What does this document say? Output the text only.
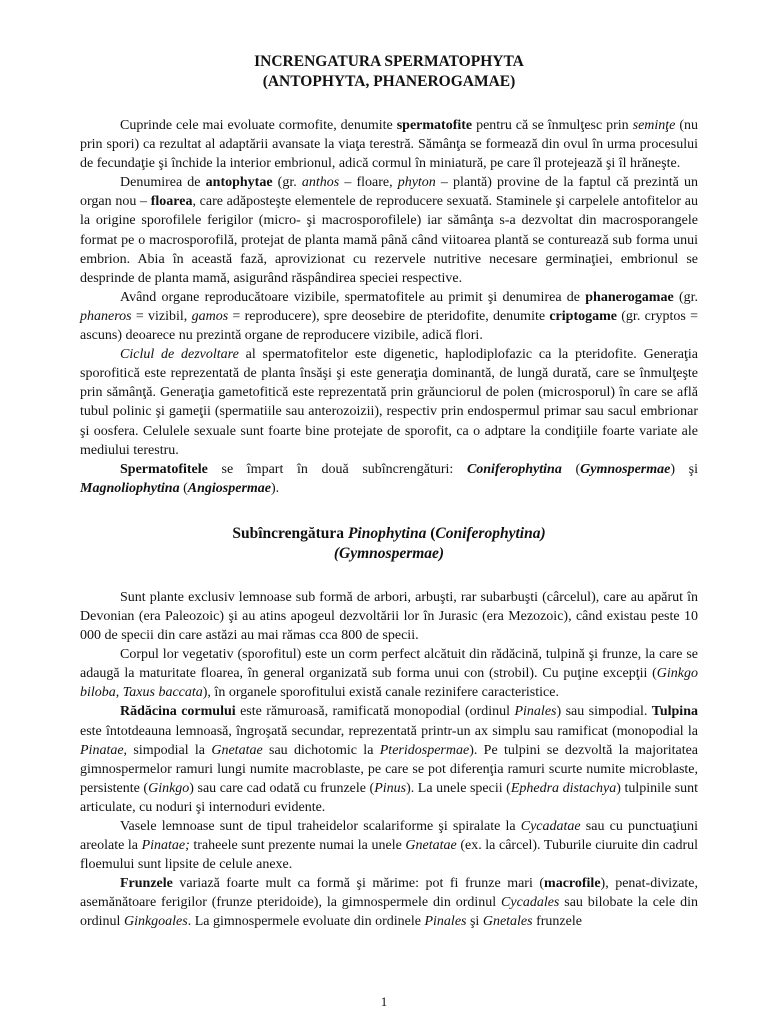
INCRENGATURA SPERMATOPHYTA
(ANTOPHYTA, PHANEROGAMAE)

Cuprinde cele mai evoluate cormofite, denumite spermatofite pentru că se înmulţesc prin seminţe (nu prin spori) ca rezultat al adaptării avansate la viaţa terestră. Sămânţa se formează din ovul în urma procesului de fecundaţie şi închide la interior embrionul, adică cormul în miniatură, pe care îl protejează şi îl hrăneşte.

Denumirea de antophytae (gr. anthos – floare, phyton – plantă) provine de la faptul că prezintă un organ nou – floarea, care adăposteşte elementele de reproducere sexuată. Staminele şi carpelele antofitelor au la origine sporofilele ferigilor (micro- şi macrosporofilele) iar sămânţa s-a dezvoltat din macrosporangele format pe o macrosporofilă, protejat de planta mamă până când viitoarea plantă se conturează sub forma unui embrion. Abia în această fază, aprovizionat cu rezervele nutritive necesare germinaţiei, embrionul se desprinde de planta mamă, asigurând răspândirea speciei respective.

Având organe reproducătoare vizibile, spermatofitele au primit şi denumirea de phanerogamae (gr. phaneros = vizibil, gamos = reproducere), spre deosebire de pteridofite, denumite criptogame (gr. cryptos = ascuns) deoarece nu prezintă organe de reproducere vizibile, adică flori.

Ciclul de dezvoltare al spermatofitelor este digenetic, haplodiplofazic ca la pteridofite. Generaţia sporofitică este reprezentată de planta însăşi şi este generaţia dominantă, de lungă durată, care se înmulţeşte prin sămânţă. Generaţia gametofitică este reprezentată prin grăunciorul de polen (microsporul) în care se află tubul polinic şi gameţii (spermatiile sau anterozoizii), respectiv prin endospermul primar sau sacul embrionar şi oosfera. Celulele sexuale sunt foarte bine protejate de sporofit, ca o adptare la condiţiile foarte variate ale mediului terestru.

Spermatofitele se împart în două subîncrengături: Coniferophytina (Gymnospermae) şi Magnoliophytina (Angiospermae).

Subîncrengătura Pinophytina (Coniferophytina)
(Gymnospermae)

Sunt plante exclusiv lemnoase sub formă de arbori, arbuşti, rar subarbuşti (cârcelul), care au apărut în Devonian (era Paleozoic) şi au atins apogeul dezvoltării lor în Jurasic (era Mezozoic), când existau peste 10 000 de specii din care astăzi au mai rămas cca 800 de specii.

Corpul lor vegetativ (sporofitul) este un corm perfect alcătuit din rădăcină, tulpină şi frunze, la care se adaugă la maturitate floarea, în general organizată sub forma unui con (strobil). Cu puţine excepţii (Ginkgo biloba, Taxus baccata), în organele sporofitului există canale rezinifere caracteristice.

Rădăcina cormului este rămuroasă, ramificată monopodial (ordinul Pinales) sau simpodial. Tulpina este întotdeauna lemnoasă, îngroşată secundar, reprezentată printr-un ax simplu sau ramificat (monopodial la Pinatae, simpodial la Gnetatae sau dichotomic la Pteridospermae). Pe tulpini se dezvoltă la majoritatea gimnospermelor ramuri lungi numite macroblaste, pe care se pot diferenţia ramuri scurte numite microblaste, persistente (Ginkgo) sau care cad odată cu frunzele (Pinus). La unele specii (Ephedra distachya) tulpinile sunt articulate, cu noduri şi internoduri evidente.

Vasele lemnoase sunt de tipul traheidelor scalariforme şi spiralate la Cycadatae sau cu punctuaţiuni areolate la Pinatae; traheele sunt prezente numai la unele Gnetatae (ex. la cârcel). Tuburile ciuruite din cadrul floemului sunt lipsite de celule anexe.

Frunzele variază foarte mult ca formă şi mărime: pot fi frunze mari (macrofile), penat-divizate, asemănătoare ferigilor (frunze pteridoide), la gimnospermele din ordinul Cycadales sau bilobate la cele din ordinul Ginkgoales. La gimnospermele evoluate din ordinele Pinales şi Gnetales frunzele

1
